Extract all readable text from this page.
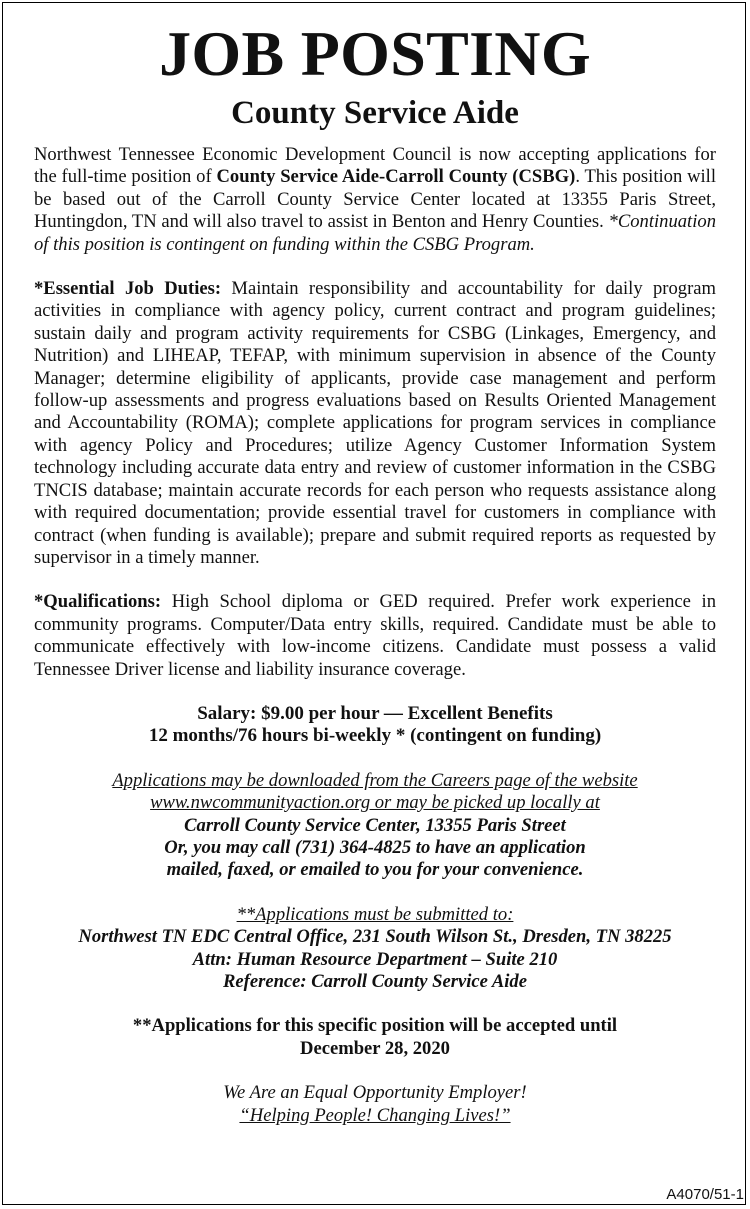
JOB POSTING
County Service Aide

Northwest Tennessee Economic Development Council is now accepting applications for the full-time position of County Service Aide-Carroll County (CSBG). This position will be based out of the Carroll County Service Center located at 13355 Paris Street, Huntingdon, TN and will also travel to assist in Benton and Henry Counties. *Continuation of this position is contingent on funding within the CSBG Program.

*Essential Job Duties: Maintain responsibility and accountability for daily program activities in compliance with agency policy, current contract and program guidelines; sustain daily and program activity requirements for CSBG (Linkages, Emergency, and Nutrition) and LIHEAP, TEFAP, with minimum supervision in absence of the County Manager; determine eligibility of applicants, provide case management and perform follow-up assessments and progress evaluations based on Results Oriented Management and Accountability (ROMA); complete applications for program services in compliance with agency Policy and Procedures; utilize Agency Customer Information System technology including accurate data entry and review of customer information in the CSBG TNCIS database; maintain accurate records for each person who requests assistance along with required documentation; provide essential travel for customers in compliance with contract (when funding is available); prepare and submit required reports as requested by supervisor in a timely manner.

*Qualifications: High School diploma or GED required. Prefer work experience in community programs. Computer/Data entry skills, required. Candidate must be able to communicate effectively with low-income citizens. Candidate must possess a valid Tennessee Driver license and liability insurance coverage.

Salary: $9.00 per hour — Excellent Benefits
12 months/76 hours bi-weekly * (contingent on funding)
Applications may be downloaded from the Careers page of the website
www.nwcommunityaction.org or may be picked up locally at
Carroll County Service Center, 13355 Paris Street
Or, you may call (731) 364-4825 to have an application
mailed, faxed, or emailed to you for your convenience.
**Applications must be submitted to:
Northwest TN EDC Central Office, 231 South Wilson St., Dresden, TN 38225
Attn: Human Resource Department – Suite 210
Reference: Carroll County Service Aide
**Applications for this specific position will be accepted until
December 28, 2020
We Are an Equal Opportunity Employer!
“Helping People! Changing Lives!”
A4070/51-1
